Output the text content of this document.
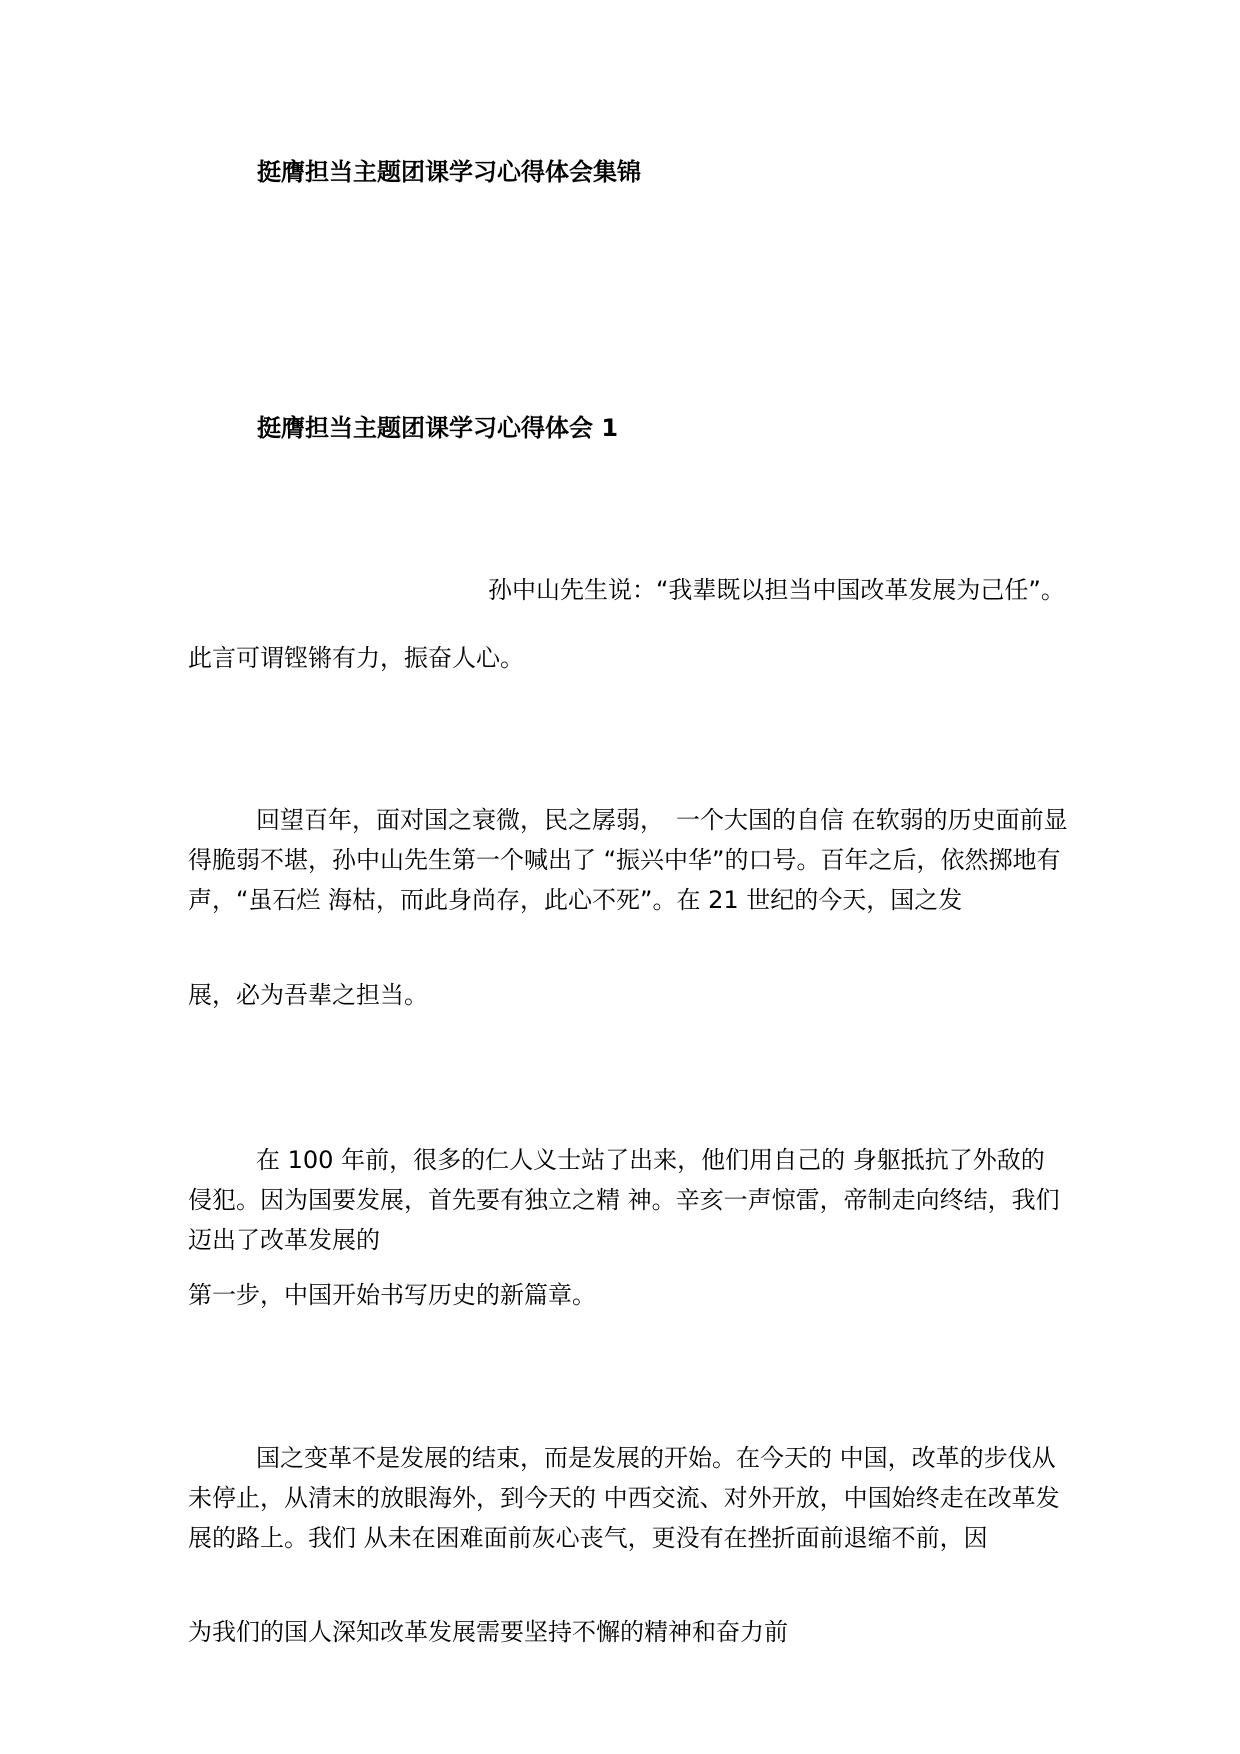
挺膺担当主题团课学习心得体会集锦
挺膺担当主题团课学习心得体会 1

孙中山先生说：“我辈既以担当中国改革发展为己任”。

此言可谓铿锵有力，振奋人心。

回望百年，面对国之衰微，民之孱弱，　一个大国的自信 在软弱的历史面前显得脆弱不堪，孙中山先生第一个喊出了 “振兴中华”的口号。百年之后，依然掷地有声，“虽石烂 海枯，而此身尚存，此心不死”。在 21 世纪的今天，国之发

展，必为吾辈之担当。

在 100 年前，很多的仁人义士站了出来，他们用自己的 身躯抵抗了外敌的侵犯。因为国要发展，首先要有独立之精 神。辛亥一声惊雷，帝制走向终结，我们迈出了改革发展的

第一步，中国开始书写历史的新篇章。

国之变革不是发展的结束，而是发展的开始。在今天的 中国，改革的步伐从未停止，从清末的放眼海外，到今天的 中西交流、对外开放，中国始终走在改革发展的路上。我们 从未在困难面前灰心丧气，更没有在挫折面前退缩不前，因

为我们的国人深知改革发展需要坚持不懈的精神和奋力前
